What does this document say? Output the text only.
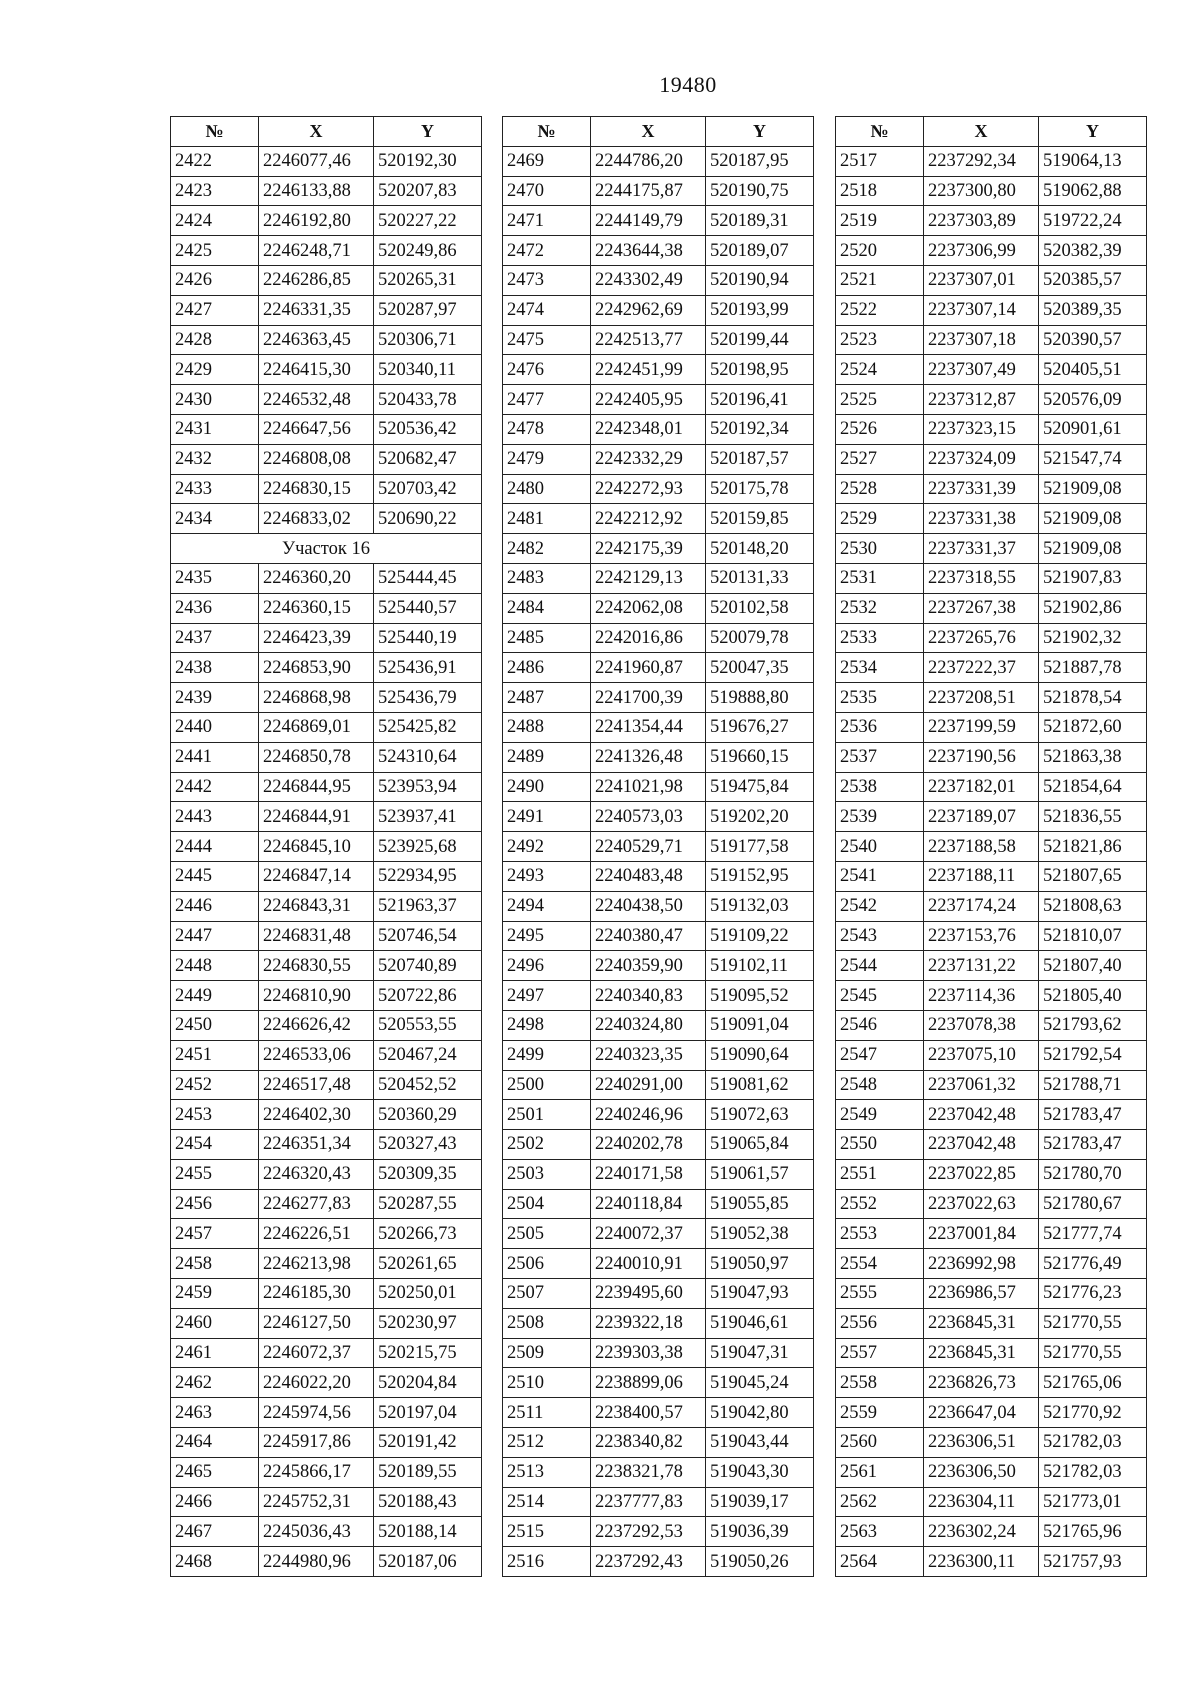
19480
№	X	Y
2422	2246077,46	520192,30
2423	2246133,88	520207,83
2424	2246192,80	520227,22
2425	2246248,71	520249,86
2426	2246286,85	520265,31
2427	2246331,35	520287,97
2428	2246363,45	520306,71
2429	2246415,30	520340,11
2430	2246532,48	520433,78
2431	2246647,56	520536,42
2432	2246808,08	520682,47
2433	2246830,15	520703,42
2434	2246833,02	520690,22
Участок 16		
2435	2246360,20	525444,45
2436	2246360,15	525440,57
2437	2246423,39	525440,19
2438	2246853,90	525436,91
2439	2246868,98	525436,79
2440	2246869,01	525425,82
2441	2246850,78	524310,64
2442	2246844,95	523953,94
2443	2246844,91	523937,41
2444	2246845,10	523925,68
2445	2246847,14	522934,95
2446	2246843,31	521963,37
2447	2246831,48	520746,54
2448	2246830,55	520740,89
2449	2246810,90	520722,86
2450	2246626,42	520553,55
2451	2246533,06	520467,24
2452	2246517,48	520452,52
2453	2246402,30	520360,29
2454	2246351,34	520327,43
2455	2246320,43	520309,35
2456	2246277,83	520287,55
2457	2246226,51	520266,73
2458	2246213,98	520261,65
2459	2246185,30	520250,01
2460	2246127,50	520230,97
2461	2246072,37	520215,75
2462	2246022,20	520204,84
2463	2245974,56	520197,04
2464	2245917,86	520191,42
2465	2245866,17	520189,55
2466	2245752,31	520188,43
2467	2245036,43	520188,14
2468	2244980,96	520187,06
№	X	Y
2469	2244786,20	520187,95
2470	2244175,87	520190,75
2471	2244149,79	520189,31
2472	2243644,38	520189,07
2473	2243302,49	520190,94
2474	2242962,69	520193,99
2475	2242513,77	520199,44
2476	2242451,99	520198,95
2477	2242405,95	520196,41
2478	2242348,01	520192,34
2479	2242332,29	520187,57
2480	2242272,93	520175,78
2481	2242212,92	520159,85
2482	2242175,39	520148,20
2483	2242129,13	520131,33
2484	2242062,08	520102,58
2485	2242016,86	520079,78
2486	2241960,87	520047,35
2487	2241700,39	519888,80
2488	2241354,44	519676,27
2489	2241326,48	519660,15
2490	2241021,98	519475,84
2491	2240573,03	519202,20
2492	2240529,71	519177,58
2493	2240483,48	519152,95
2494	2240438,50	519132,03
2495	2240380,47	519109,22
2496	2240359,90	519102,11
2497	2240340,83	519095,52
2498	2240324,80	519091,04
2499	2240323,35	519090,64
2500	2240291,00	519081,62
2501	2240246,96	519072,63
2502	2240202,78	519065,84
2503	2240171,58	519061,57
2504	2240118,84	519055,85
2505	2240072,37	519052,38
2506	2240010,91	519050,97
2507	2239495,60	519047,93
2508	2239322,18	519046,61
2509	2239303,38	519047,31
2510	2238899,06	519045,24
2511	2238400,57	519042,80
2512	2238340,82	519043,44
2513	2238321,78	519043,30
2514	2237777,83	519039,17
2515	2237292,53	519036,39
2516	2237292,43	519050,26
№	X	Y
2517	2237292,34	519064,13
2518	2237300,80	519062,88
2519	2237303,89	519722,24
2520	2237306,99	520382,39
2521	2237307,01	520385,57
2522	2237307,14	520389,35
2523	2237307,18	520390,57
2524	2237307,49	520405,51
2525	2237312,87	520576,09
2526	2237323,15	520901,61
2527	2237324,09	521547,74
2528	2237331,39	521909,08
2529	2237331,38	521909,08
2530	2237331,37	521909,08
2531	2237318,55	521907,83
2532	2237267,38	521902,86
2533	2237265,76	521902,32
2534	2237222,37	521887,78
2535	2237208,51	521878,54
2536	2237199,59	521872,60
2537	2237190,56	521863,38
2538	2237182,01	521854,64
2539	2237189,07	521836,55
2540	2237188,58	521821,86
2541	2237188,11	521807,65
2542	2237174,24	521808,63
2543	2237153,76	521810,07
2544	2237131,22	521807,40
2545	2237114,36	521805,40
2546	2237078,38	521793,62
2547	2237075,10	521792,54
2548	2237061,32	521788,71
2549	2237042,48	521783,47
2550	2237042,48	521783,47
2551	2237022,85	521780,70
2552	2237022,63	521780,67
2553	2237001,84	521777,74
2554	2236992,98	521776,49
2555	2236986,57	521776,23
2556	2236845,31	521770,55
2557	2236845,31	521770,55
2558	2236826,73	521765,06
2559	2236647,04	521770,92
2560	2236306,51	521782,03
2561	2236306,50	521782,03
2562	2236304,11	521773,01
2563	2236302,24	521765,96
2564	2236300,11	521757,93
